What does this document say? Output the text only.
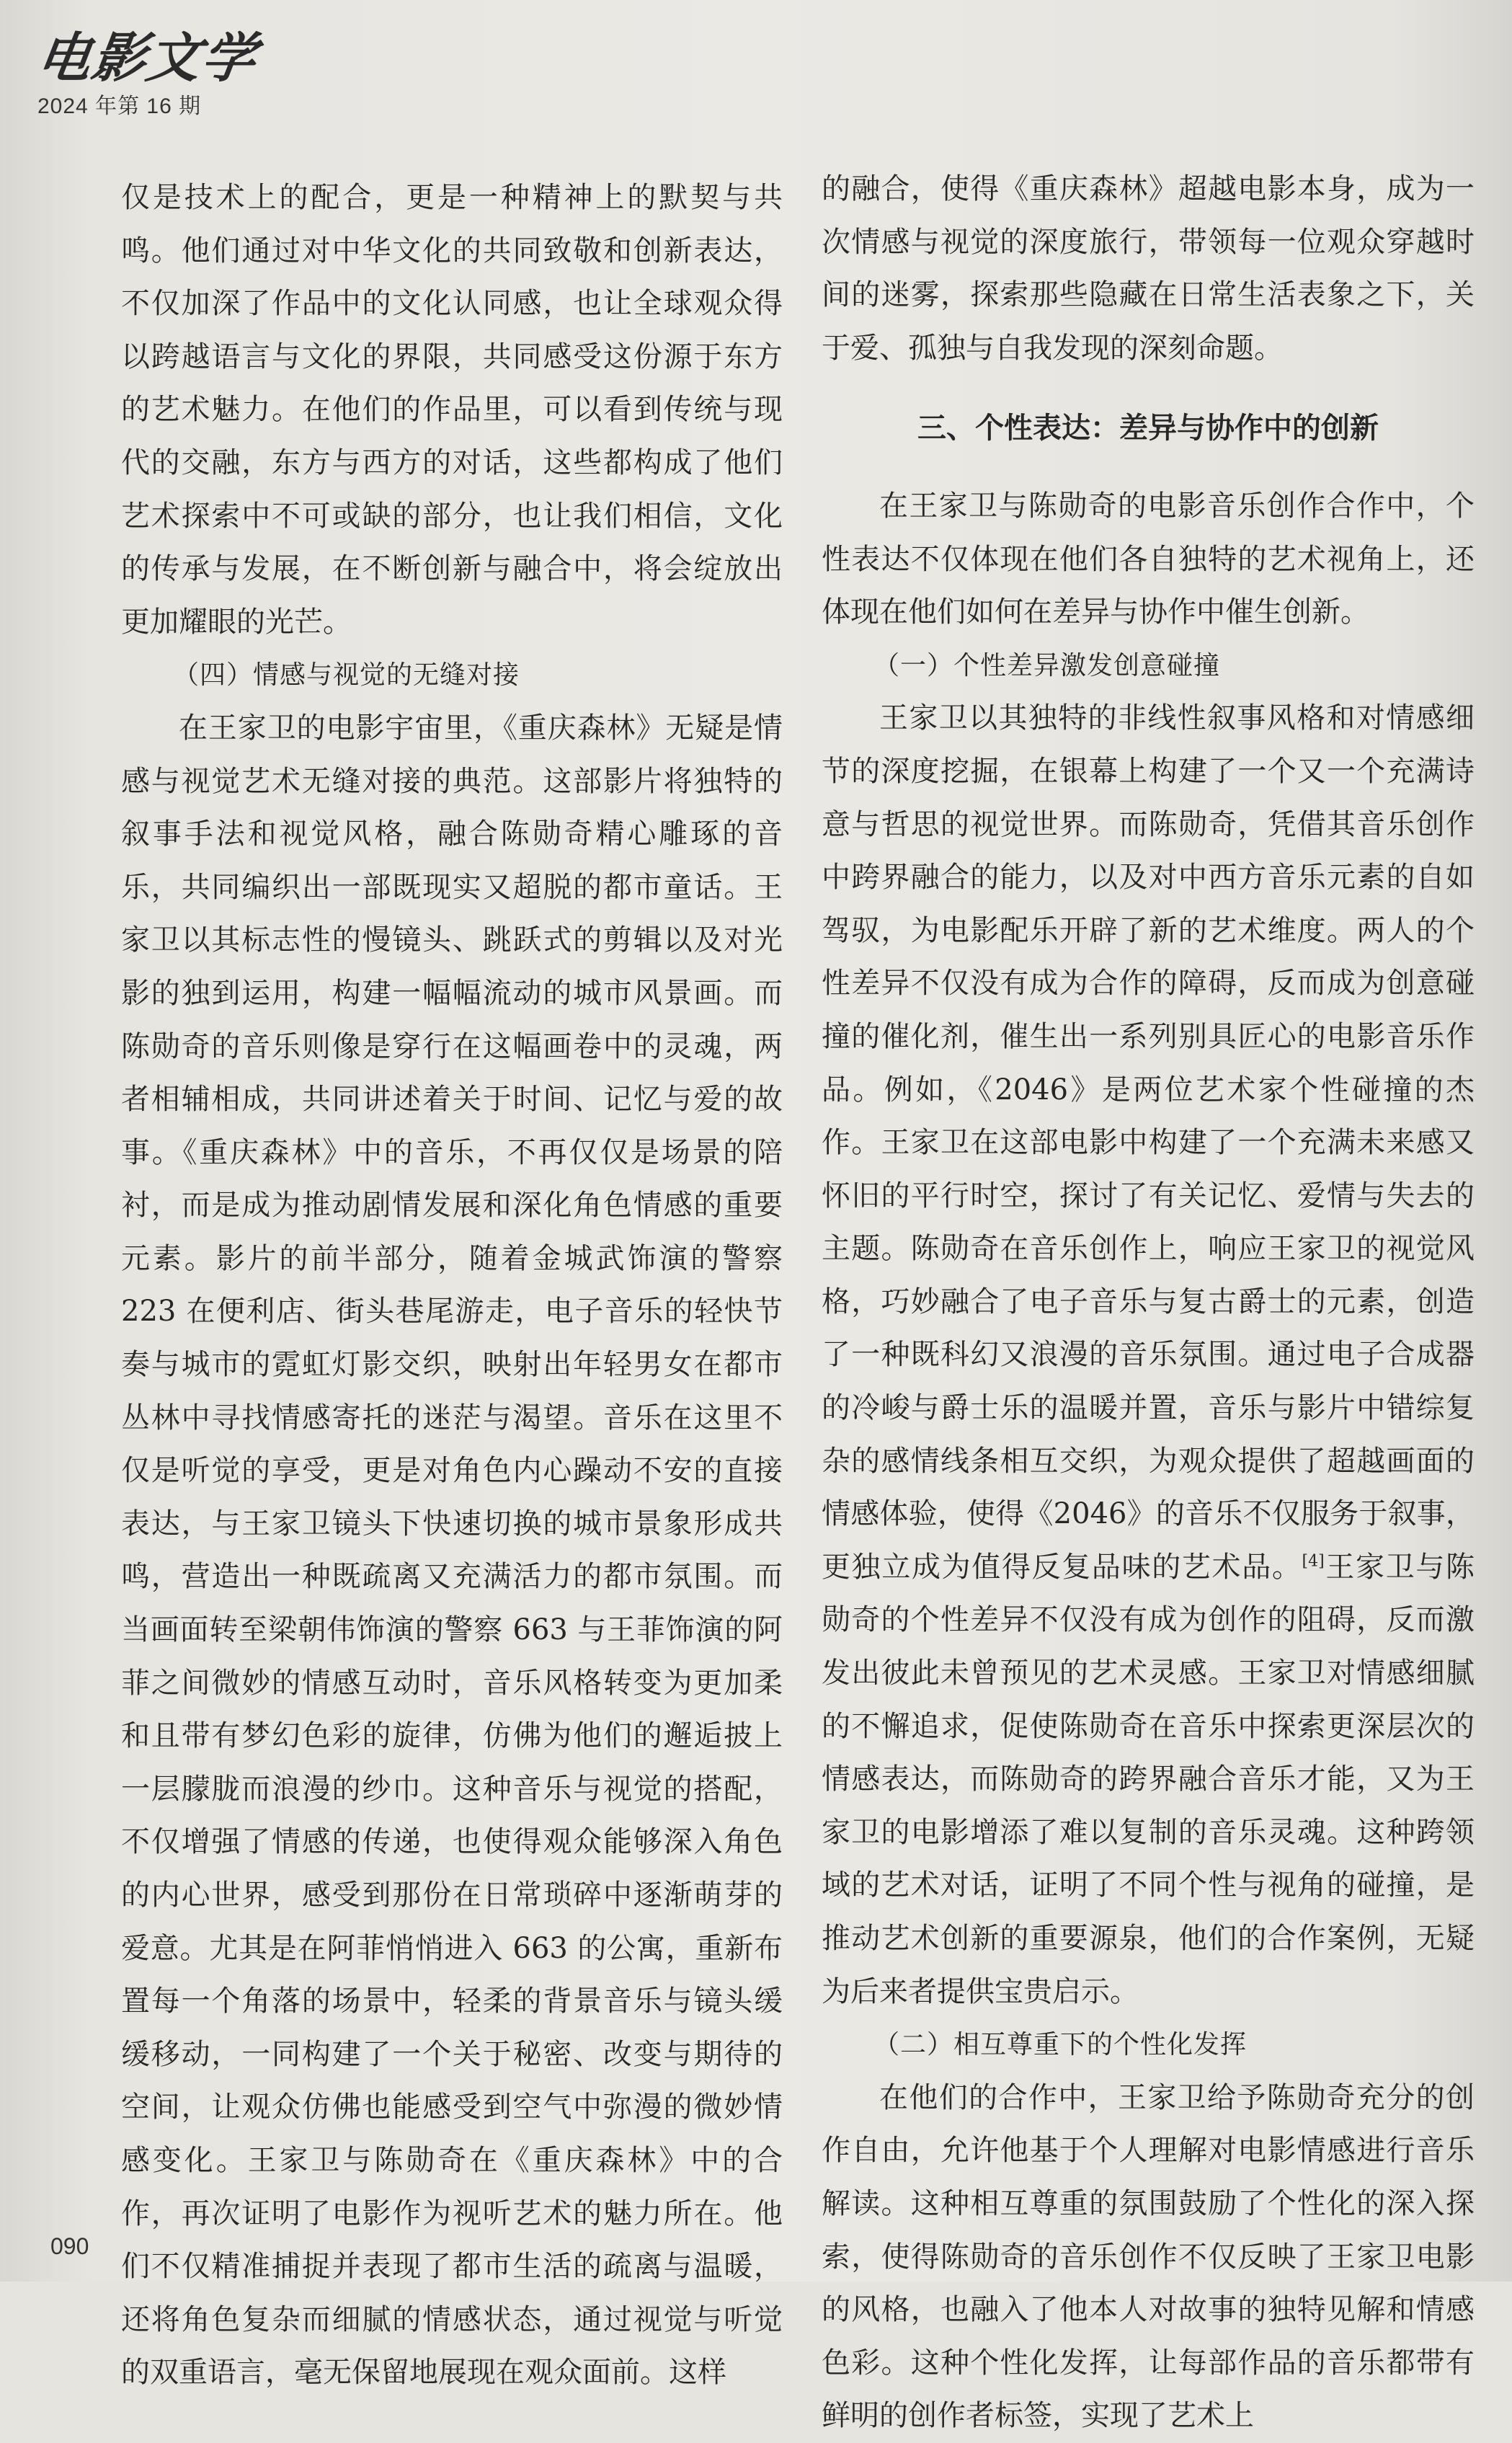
电影文学
2024 年第 16 期

仅是技术上的配合，更是一种精神上的默契与共鸣。他们通过对中华文化的共同致敬和创新表达，不仅加深了作品中的文化认同感，也让全球观众得以跨越语言与文化的界限，共同感受这份源于东方的艺术魅力。在他们的作品里，可以看到传统与现代的交融，东方与西方的对话，这些都构成了他们艺术探索中不可或缺的部分，也让我们相信，文化的传承与发展，在不断创新与融合中，将会绽放出更加耀眼的光芒。

（四）情感与视觉的无缝对接

在王家卫的电影宇宙里，《重庆森林》无疑是情感与视觉艺术无缝对接的典范。这部影片将独特的叙事手法和视觉风格，融合陈勋奇精心雕琢的音乐，共同编织出一部既现实又超脱的都市童话。王家卫以其标志性的慢镜头、跳跃式的剪辑以及对光影的独到运用，构建一幅幅流动的城市风景画。而陈勋奇的音乐则像是穿行在这幅画卷中的灵魂，两者相辅相成，共同讲述着关于时间、记忆与爱的故事。《重庆森林》中的音乐，不再仅仅是场景的陪衬，而是成为推动剧情发展和深化角色情感的重要元素。影片的前半部分，随着金城武饰演的警察 223 在便利店、街头巷尾游走，电子音乐的轻快节奏与城市的霓虹灯影交织，映射出年轻男女在都市丛林中寻找情感寄托的迷茫与渴望。音乐在这里不仅是听觉的享受，更是对角色内心躁动不安的直接表达，与王家卫镜头下快速切换的城市景象形成共鸣，营造出一种既疏离又充满活力的都市氛围。而当画面转至梁朝伟饰演的警察 663 与王菲饰演的阿菲之间微妙的情感互动时，音乐风格转变为更加柔和且带有梦幻色彩的旋律，仿佛为他们的邂逅披上一层朦胧而浪漫的纱巾。这种音乐与视觉的搭配，不仅增强了情感的传递，也使得观众能够深入角色的内心世界，感受到那份在日常琐碎中逐渐萌芽的爱意。尤其是在阿菲悄悄进入 663 的公寓，重新布置每一个角落的场景中，轻柔的背景音乐与镜头缓缓移动，一同构建了一个关于秘密、改变与期待的空间，让观众仿佛也能感受到空气中弥漫的微妙情感变化。王家卫与陈勋奇在《重庆森林》中的合作，再次证明了电影作为视听艺术的魅力所在。他们不仅精准捕捉并表现了都市生活的疏离与温暖，还将角色复杂而细腻的情感状态，通过视觉与听觉的双重语言，毫无保留地展现在观众面前。这样

的融合，使得《重庆森林》超越电影本身，成为一次情感与视觉的深度旅行，带领每一位观众穿越时间的迷雾，探索那些隐藏在日常生活表象之下，关于爱、孤独与自我发现的深刻命题。

三、个性表达：差异与协作中的创新

在王家卫与陈勋奇的电影音乐创作合作中，个性表达不仅体现在他们各自独特的艺术视角上，还体现在他们如何在差异与协作中催生创新。

（一）个性差异激发创意碰撞

王家卫以其独特的非线性叙事风格和对情感细节的深度挖掘，在银幕上构建了一个又一个充满诗意与哲思的视觉世界。而陈勋奇，凭借其音乐创作中跨界融合的能力，以及对中西方音乐元素的自如驾驭，为电影配乐开辟了新的艺术维度。两人的个性差异不仅没有成为合作的障碍，反而成为创意碰撞的催化剂，催生出一系列别具匠心的电影音乐作品。例如，《2046》是两位艺术家个性碰撞的杰作。王家卫在这部电影中构建了一个充满未来感又怀旧的平行时空，探讨了有关记忆、爱情与失去的主题。陈勋奇在音乐创作上，响应王家卫的视觉风格，巧妙融合了电子音乐与复古爵士的元素，创造了一种既科幻又浪漫的音乐氛围。通过电子合成器的冷峻与爵士乐的温暖并置，音乐与影片中错综复杂的感情线条相互交织，为观众提供了超越画面的情感体验，使得《2046》的音乐不仅服务于叙事，更独立成为值得反复品味的艺术品。[4]王家卫与陈勋奇的个性差异不仅没有成为创作的阻碍，反而激发出彼此未曾预见的艺术灵感。王家卫对情感细腻的不懈追求，促使陈勋奇在音乐中探索更深层次的情感表达，而陈勋奇的跨界融合音乐才能，又为王家卫的电影增添了难以复制的音乐灵魂。这种跨领域的艺术对话，证明了不同个性与视角的碰撞，是推动艺术创新的重要源泉，他们的合作案例，无疑为后来者提供宝贵启示。

（二）相互尊重下的个性化发挥

在他们的合作中，王家卫给予陈勋奇充分的创作自由，允许他基于个人理解对电影情感进行音乐解读。这种相互尊重的氛围鼓励了个性化的深入探索，使得陈勋奇的音乐创作不仅反映了王家卫电影的风格，也融入了他本人对故事的独特见解和情感色彩。这种个性化发挥，让每部作品的音乐都带有鲜明的创作者标签，实现了艺术上

090
